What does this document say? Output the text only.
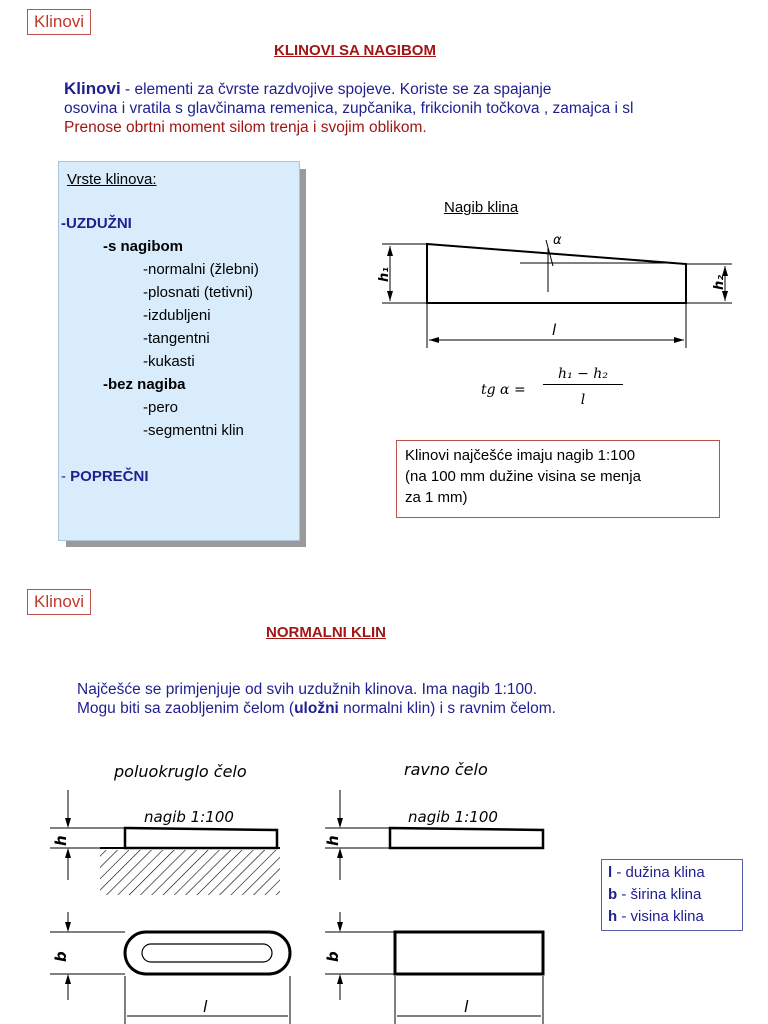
Klinovi
KLINOVI SA NAGIBOM
Klinovi - elementi za čvrste razdvojive spojeve. Koriste se za spajanje
osovina i vratila s glavčinama remenica, zupčanika, frikcionih točkova , zamajca i sl
Prenose obrtni moment silom trenja i svojim oblikom.
Vrste klinova:
-UZDUŽNI
-s nagibom
-normalni (žlebni)
-plosnati (tetivni)
-izdubljeni
-tangentni
-kukasti
-bez nagiba
-pero
-segmentni klin
- POPREČNI
Nagib klina
h₁
h₂
α
l
tg α =
h₁ − h₂
l
Klinovi najčešće imaju nagib 1:100
(na 100 mm dužine visina se menja
za 1 mm)
Klinovi
NORMALNI KLIN
Najčešće se primjenjuje od svih uzdužnih klinova. Ima nagib 1:100.
Mogu biti sa zaobljenim čelom (uložni normalni klin) i s ravnim čelom.
poluokruglo čelo	ravno čelo
h
nagib 1:100
b
l
h
nagib 1:100
b
l
l - dužina klina
b - širina klina
h - visina klina
